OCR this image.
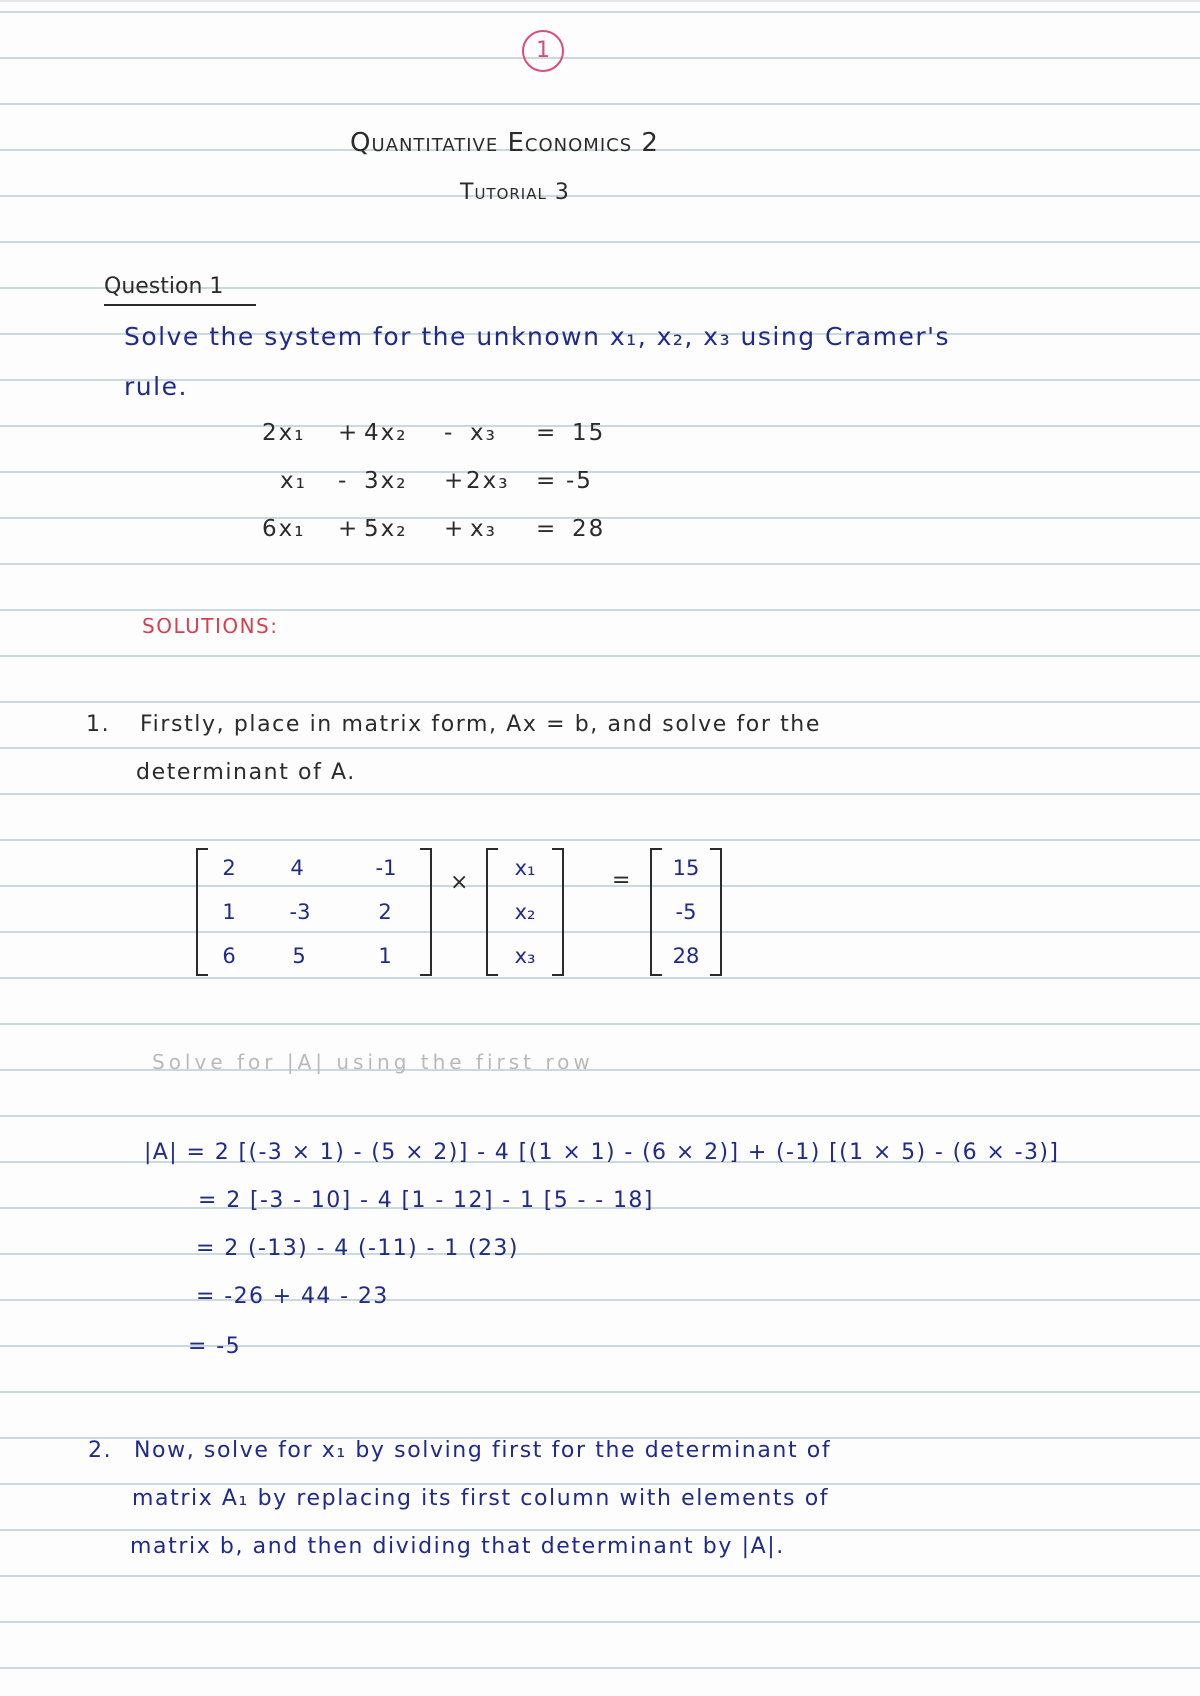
1
Quantitative Economics 2
Tutorial 3
Question 1
Solve the system for the unknown x₁, x₂, x₃ using Cramer's
rule.
2x₁ + 4x₂ - x₃ = 15
x₁ - 3x₂ + 2x₃ = -5
6x₁ + 5x₂ + x₃ = 28
SOLUTIONS:
1. Firstly, place in matrix form, Ax = b, and solve for the
determinant of A.
2	4	-1
1	-3	2
6	5	1
×
x₁
x₂
x₃
=	15
-5
28
Solve for |A| using the first row
|A| = 2 [(-3 × 1) - (5 × 2)] - 4 [(1 × 1) - (6 × 2)] + (-1) [(1 × 5) - (6 × -3)]
= 2 [-3 - 10] - 4 [1 - 12] - 1 [5 - - 18]
= 2 (-13) - 4 (-11) - 1 (23)
= -26 + 44 - 23
= -5
2. Now, solve for x₁ by solving first for the determinant of
matrix A₁ by replacing its first column with elements of
matrix b, and then dividing that determinant by |A|.
